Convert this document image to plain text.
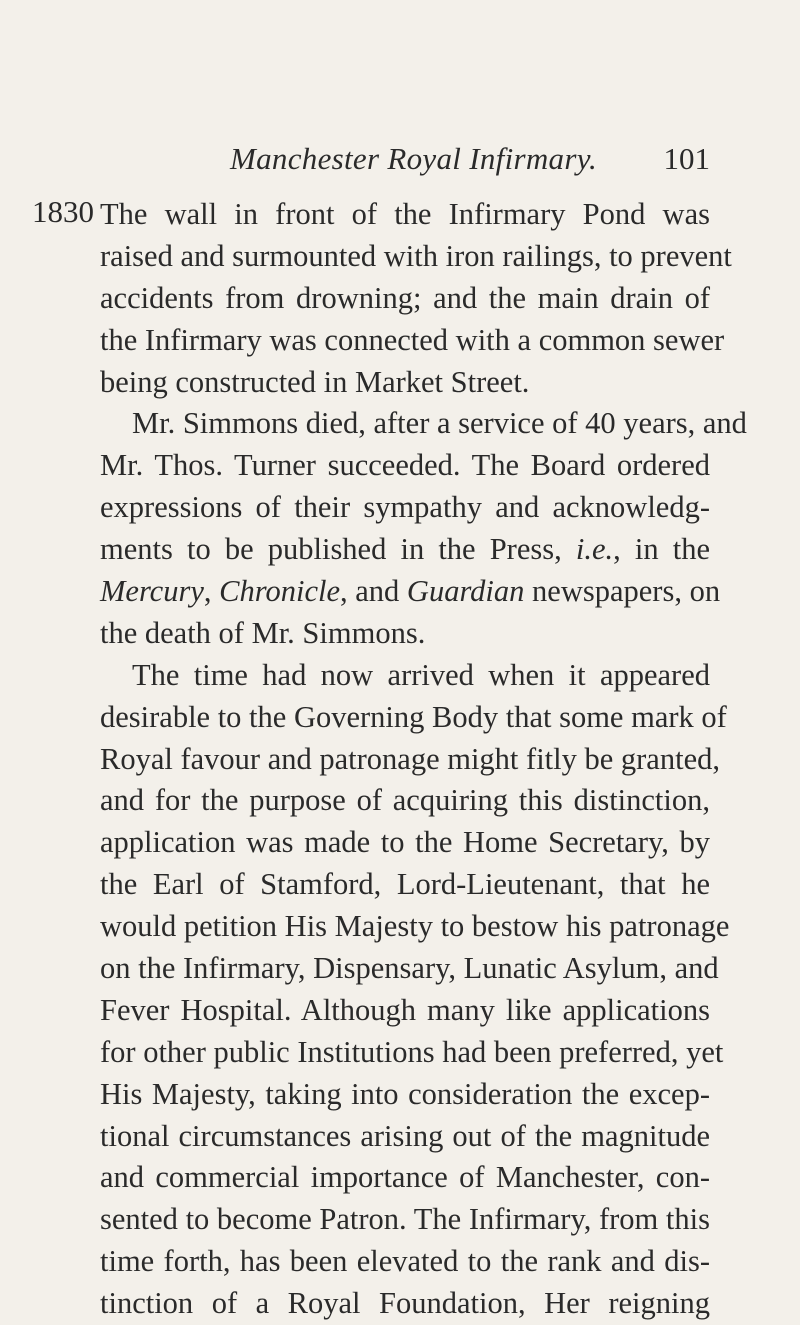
Manchester Royal Infirmary. 101
1830 The wall in front of the Infirmary Pond was
raised and surmounted with iron railings, to prevent
accidents from drowning; and the main drain of
the Infirmary was connected with a common sewer
being constructed in Market Street.
Mr. Simmons died, after a service of 40 years, and
Mr. Thos. Turner succeeded. The Board ordered
expressions of their sympathy and acknowledg-
ments to be published in the Press, i.e., in the
Mercury, Chronicle, and Guardian newspapers, on
the death of Mr. Simmons.
The time had now arrived when it appeared
desirable to the Governing Body that some mark of
Royal favour and patronage might fitly be granted,
and for the purpose of acquiring this distinction,
application was made to the Home Secretary, by
the Earl of Stamford, Lord-Lieutenant, that he
would petition His Majesty to bestow his patronage
on the Infirmary, Dispensary, Lunatic Asylum, and
Fever Hospital. Although many like applications
for other public Institutions had been preferred, yet
His Majesty, taking into consideration the excep-
tional circumstances arising out of the magnitude
and commercial importance of Manchester, con-
sented to become Patron. The Infirmary, from this
time forth, has been elevated to the rank and dis-
tinction of a Royal Foundation, Her reigning
